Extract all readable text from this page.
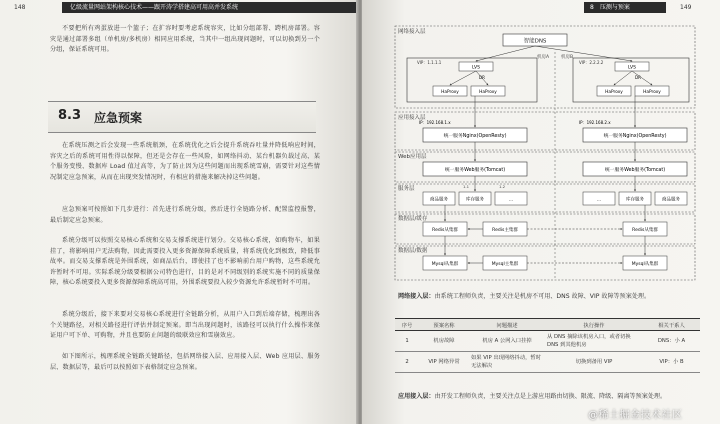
148	亿级流量网站架构核心技术——跟开涛学搭建高可用高并发系统
不要把所有鸡蛋放进一个篮子；在扩容时要考虑系统容灾，比如分组部署、跨机房部署。容灾是通过部署多组（单机房/多机房）相同应用系统，当其中一组出现问题时，可以切换到另一个分组，保证系统可用。
8.3 应急预案
在系统压测之后会发现一些系统瓶颈，在系统优化之后会提升系统吞吐量并降低响应时间，容灾之后的系统可用性得以保障，但还是会存在一些风险，如网络抖动、某台机器负载过高、某个服务变慢、数据库 Load 值过高等，为了防止因为这些问题而出现系统雪崩，需要针对这些情况制定应急预案，从而在出现突发情况时，有相应的措施来解决掉这些问题。
应急预案可按照如下几步进行：首先进行系统分级，然后进行全链路分析、配置监控报警，最后制定应急预案。
系统分级可以按照交易核心系统和交易支撑系统进行划分。交易核心系统，如购物车，如果挂了，将影响用户无法购物，因此需要投入更多资源保障系统质量，将系统优化到极致，降低事故率。而交易支撑系统是外围系统，如商品后台，即使挂了也不影响前台用户购物，这些系统允许暂时不可用。实际系统分级要根据公司特色进行，目的是对不同级别的系统实施不同的质量保障，核心系统要投入更多资源保障系统高可用，外围系统要投入较少资源允许系统暂时不可用。
系统分级后，接下来要对交易核心系统进行全链路分析，从用户入口到后端存储，梳理出各个关键路径，对相关路径进行评估并制定预案。即当出现问题时，该路径可以执行什么操作来保证用户可下单、可购物，并且也要防止问题的级联效应和雪崩效应。
如下图所示，梳理系统全链路关键路径，包括网络接入层、应用接入层、Web 应用层、服务层、数据层等，最后可以按照如下表格制定应急预案。
8　压测与预案	149
网络接入层
应用接入层
Web应用层
服务层
数据层/缓存
数据层/数据
智能DNS
机房A	机房B
VIP：1.1.1.1
LVS
DR
HaProxy	HaProxy
VIP：2.2.2.2
LVS
DR
HaProxy	HaProxy
IP：192.168.1.x
统一服务Nginx(OpenResty)
IP：192.168.2.x
统一服务Nginx(OpenResty)
统一服务Web服务(Tomcat)	统一服务Web服务(Tomcat)
商品服务	库存服务	...	...	库存服务	商品服务
1.1	1.2
Redis从集群	Redis主集群	Redis从集群
Mysql从集群	Mysql主集群	Mysql从集群
网络接入层：由系统工程师负责，主要关注是机房不可用、DNS 故障、VIP 故障等预案处理。
序号	预案名称	问题描述	执行操作	相关干系人
1	机房故障	机房 A 公网入口挂掉	从 DNS 摘除该机房入口，或者切换 DNS 到其他机房	DNS：小 A
2	VIP 网络异常	如果 VIP 出现网络抖动，暂时无法解决	切换到备用 VIP	VIP：小 B
应用接入层：由开发工程师负责，主要关注点是上游应用路由切换、限流、降级、隔离等预案处理。
@稀土掘金技术社区
